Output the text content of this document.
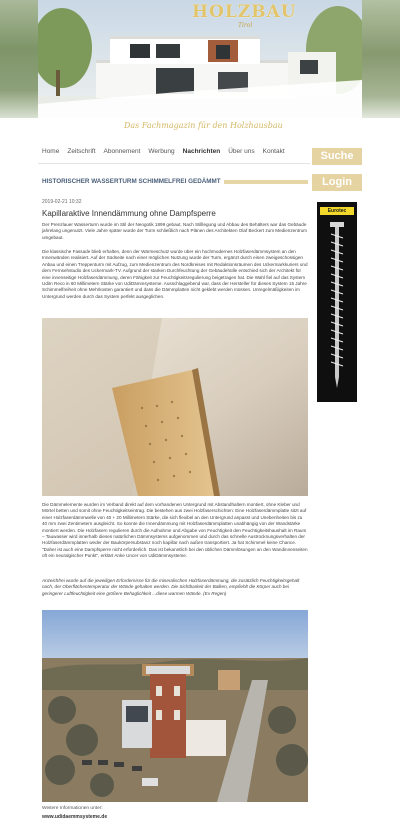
HOLZBAU
Tirol
Das Fachmagazin für den Holzhausbau
Home	Zeitschrift	Abonnement	Werbung	Nachrichten	Über uns	Kontakt	Suche
Login
Eurotec
HISTORISCHER WASSERTURM SCHIMMELFREI GEDÄMMT
2019-02-21 10:32
Kapillaraktive Innendämmung ohne Dampfsperre
Der Prenzlauer Wasserturm wurde im Stil der Neogotik 1899 gebaut. Nach Stilllegung und Abbau des Behälters war das Gebäude jahrelang ungenutzt. Viele Jahre später wurde der Turm schließlich nach Plänen des Architekten Olaf Beckert zum Medienzentrum umgebaut.
Die klassische Fassade blieb erhalten, denn der Wärmeschutz wurde über ein hochmodernes Holzfaserdämmsystem an den Innenwänden realisiert. Auf der Südseite nach einer möglichen Nutzung wurde der Turm, ergänzt durch einen zweigeschossigen Anbau und einen Treppenturm mit Aufzug, zum Medienzentrum des Nordkreises mit Redaktionsräumen des Uckermarkkuriers und dem Fernsehstudio des Uckermark-TV. Aufgrund der starken Durchfeuchtung der Gebäudehülle entschied sich der Architekt für eine innenseitige Holzfaserdämmung, deren Fähigkeit zur Feuchtigkeitsregulierung beigetragen hat. Die Wahl fiel auf das System UdiIn Reco in 60 Millimetern Stärke von UdiDämmsysteme. Ausschlaggebend war, dass der Hersteller für dieses System 15 Jahre Schimmelfreiheit ohne Mehrkosten garantiert und dass die Dämmplatten nicht geklebt werden müssen. Unregelmäßigkeiten im Untergrund werden durch das System perfekt ausgeglichen.
Die Dämmelemente wurden im Verband direkt auf dem vorhandenen Untergrund mit Abstandhaltern montiert, ohne Kleber und Mörtel betten und somit ohne Feuchtigkeitseintrag. Die bestehen aus zwei Holzfaserschichten: Eine Holzfaserdämmplatte sitzt auf einer Holzfaserdämmwelle von 40 + 20 Millimetern Stärke, die sich flexibel an den Untergrund anpasst und Unebenheiten bis zu 40 mm zwei Zentimetern ausgleicht. So konnte die Innendämmung mit Holzfaserdämmplatten unabhängig von der Wandstärke montiert werden. Die Holzfasern regulieren durch die Aufnahme und Abgabe von Feuchtigkeit den Feuchtigkeitshaushalt im Raum – Tauwasser wird innerhalb dieses natürlichen Dämmsystems aufgenommen und durch das schnelle Austrocknungsverhalten der Holzfaserdämmplatten weder der Baukörpersubstanz noch kapillar nach außen transportiert. Ja hat Schimmel keine Chance. "Daher ist auch eine Dampfsperre nicht erforderlich. Das ist bekanntlich bei den üblichen Dämmlösungen an den Wandinnenseiten oft ein neuralgischer Punkt", erklärt Anke Uncer von UdiDämmsysteme.
Anzeichfrei wurde auf die jeweiligen Erfordernisse für die mineralischen Holzfaserdämmung, die zusätzlich Feuchtigkeitsgehalt nach, der Oberflächentemperatur der Wände gehalten werden. Die Sichtbarkeit der Balken, empfiehlt die Körper auch bei geringerer Luftfeuchtigkeit eine größere Behaglichkeit ...diese warmen Wände. (Ex Regen)
Weitere Informationen unter:
www.udidaemmsysteme.de
